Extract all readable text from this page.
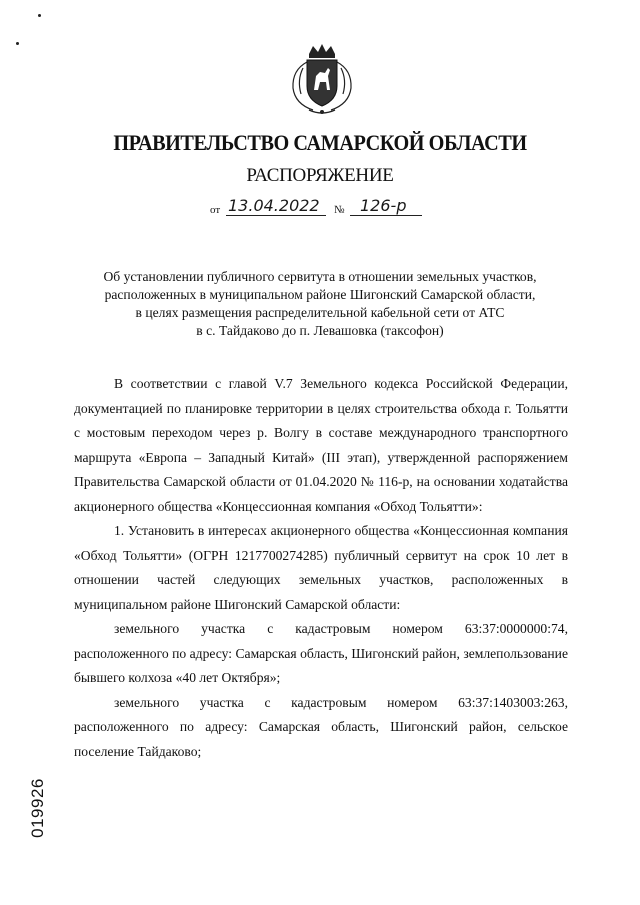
ПРАВИТЕЛЬСТВО САМАРСКОЙ ОБЛАСТИ
РАСПОРЯЖЕНИЕ
от 13.04.2022 № 126-р
Об установлении публичного сервитута в отношении земельных участков,
расположенных в муниципальном районе Шигонский Самарской области,
в целях размещения распределительной кабельной сети от АТС
в с. Тайдаково до п. Левашовка (таксофон)

В соответствии с главой V.7 Земельного кодекса Российской Федерации, документацией по планировке территории в целях строительства обхода г. Тольятти с мостовым переходом через р. Волгу в составе международного транспортного маршрута «Европа – Западный Китай» (III этап), утвержденной распоряжением Правительства Самарской области от 01.04.2020 № 116-р, на основании ходатайства акционерного общества «Концессионная компания «Обход Тольятти»:

1. Установить в интересах акционерного общества «Концессионная компания «Обход Тольятти» (ОГРН 1217700274285) публичный сервитут на срок 10 лет в отношении частей следующих земельных участков, расположенных в муниципальном районе Шигонский Самарской области:

земельного участка с кадастровым номером 63:37:0000000:74, расположенного по адресу: Самарская область, Шигонский район, землепользование бывшего колхоза «40 лет Октября»;

земельного участка с кадастровым номером 63:37:1403003:263, расположенного по адресу: Самарская область, Шигонский район, сельское поселение Тайдаково;

019926
